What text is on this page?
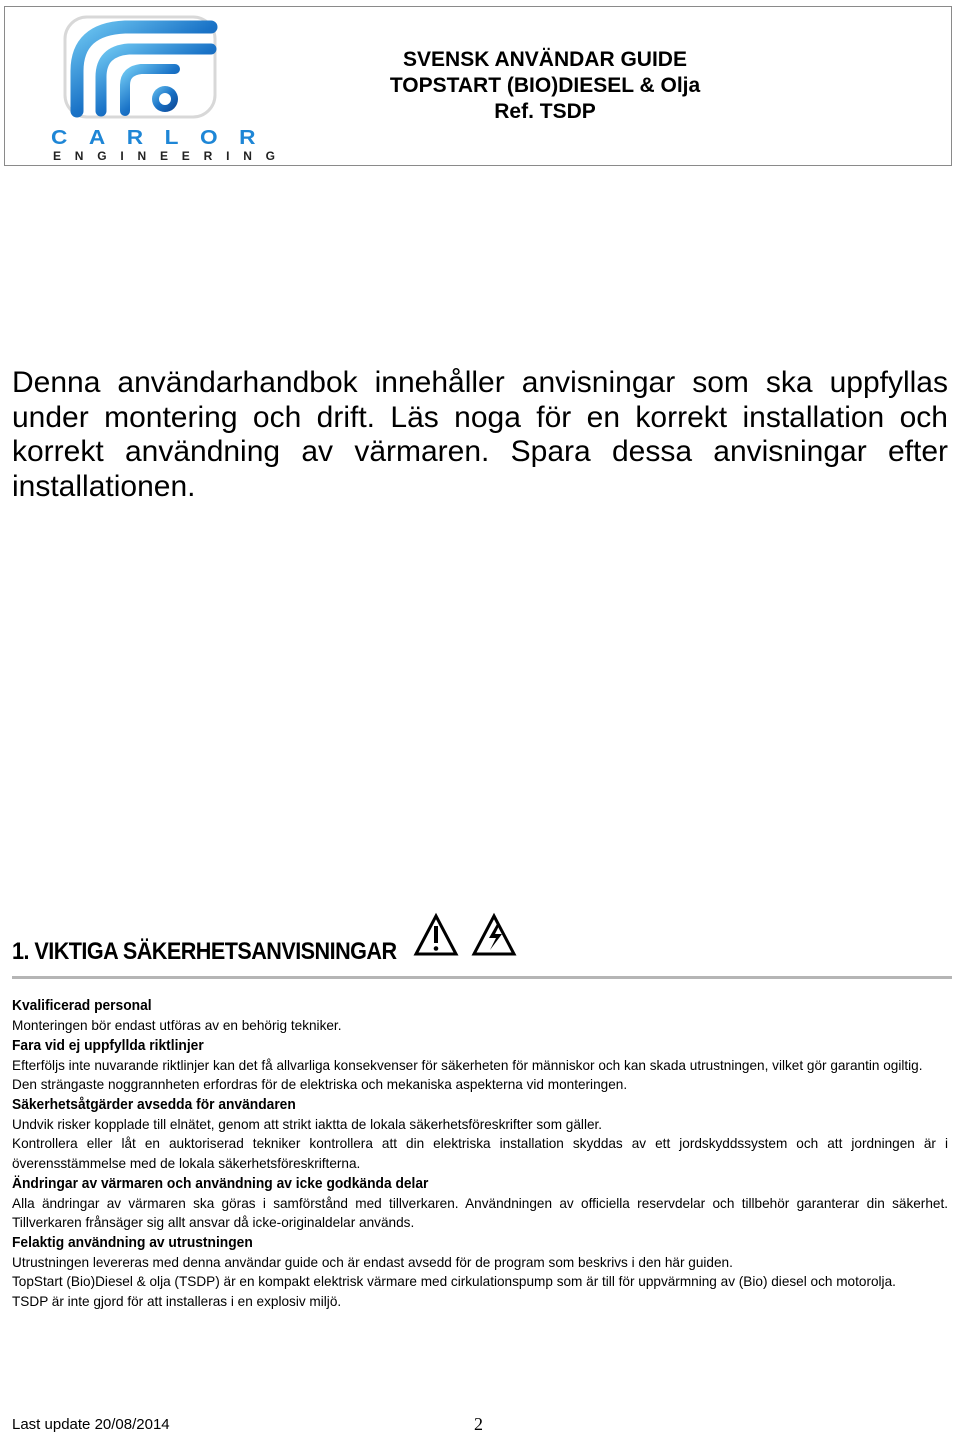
CARLOR
ENGINEERING
SVENSK ANVÄNDAR GUIDE
TOPSTART (BIO)DIESEL & Olja
Ref. TSDP
Denna användarhandbok innehåller anvisningar som ska uppfyllas under montering och drift. Läs noga för en korrekt installation och korrekt användning av värmaren. Spara dessa anvisningar efter installationen.
1. VIKTIGA SÄKERHETSANVISNINGAR
Kvalificerad personal
Monteringen bör endast utföras av en behörig tekniker.
Fara vid ej uppfyllda riktlinjer
Efterföljs inte nuvarande riktlinjer kan det få allvarliga konsekvenser för säkerheten för människor och kan skada utrustningen, vilket gör garantin ogiltig.
Den strängaste noggrannheten erfordras för de elektriska och mekaniska aspekterna vid monteringen.
Säkerhetsåtgärder avsedda för användaren
Undvik risker kopplade till elnätet, genom att strikt iaktta de lokala säkerhetsföreskrifter som gäller.
Kontrollera eller låt en auktoriserad tekniker kontrollera att din elektriska installation skyddas av ett jordskyddssystem och att jordningen är i överensstämmelse med de lokala säkerhetsföreskrifterna.
Ändringar av värmaren och användning av icke godkända delar
Alla ändringar av värmaren ska göras i samförstånd med tillverkaren. Användningen av officiella reservdelar och tillbehör garanterar din säkerhet. Tillverkaren frånsäger sig allt ansvar då icke-originaldelar används.
Felaktig användning av utrustningen
Utrustningen levereras med denna användar guide och är endast avsedd för de program som beskrivs i den här guiden.
TopStart (Bio)Diesel & olja (TSDP) är en kompakt elektrisk värmare med cirkulationspump som är till för uppvärmning av (Bio) diesel och motorolja.
TSDP är inte gjord för att installeras i en explosiv miljö.
Last update 20/08/2014	2
